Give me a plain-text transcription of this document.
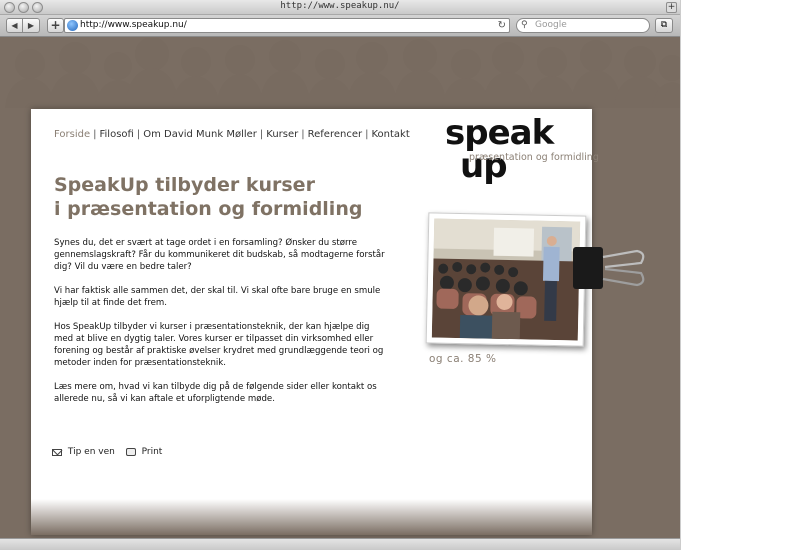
http://www.speakup.nu/	+
◀	▶	+	http://www.speakup.nu/	↻ ⚲ Google	⧉
Forside | Filosofi | Om David Munk Møller | Kurser | Referencer | Kontakt speak
up
præsentation og formidling
SpeakUp tilbyder kurser
i præsentation og formidling

Synes du, det er svært at tage ordet i en forsamling? Ønsker du større gennemslagskraft? Får du kommunikeret dit budskab, så modtagerne forstår dig? Vil du være en bedre taler?

Vi har faktisk alle sammen det, der skal til. Vi skal ofte bare bruge en smule hjælp til at finde det frem.

Hos SpeakUp tilbyder vi kurser i præsentationsteknik, der kan hjælpe dig med at blive en dygtig taler. Vores kurser er tilpasset din virksomhed eller forening og består af praktiske øvelser krydret med grundlæggende teori og metoder inden for præsentationsteknik.

Læs mere om, hvad vi kan tilbyde dig på de følgende sider eller kontakt os allerede nu, så vi kan aftale et uforpligtende møde.

Tip en ven	Print
og ca. 85 %
